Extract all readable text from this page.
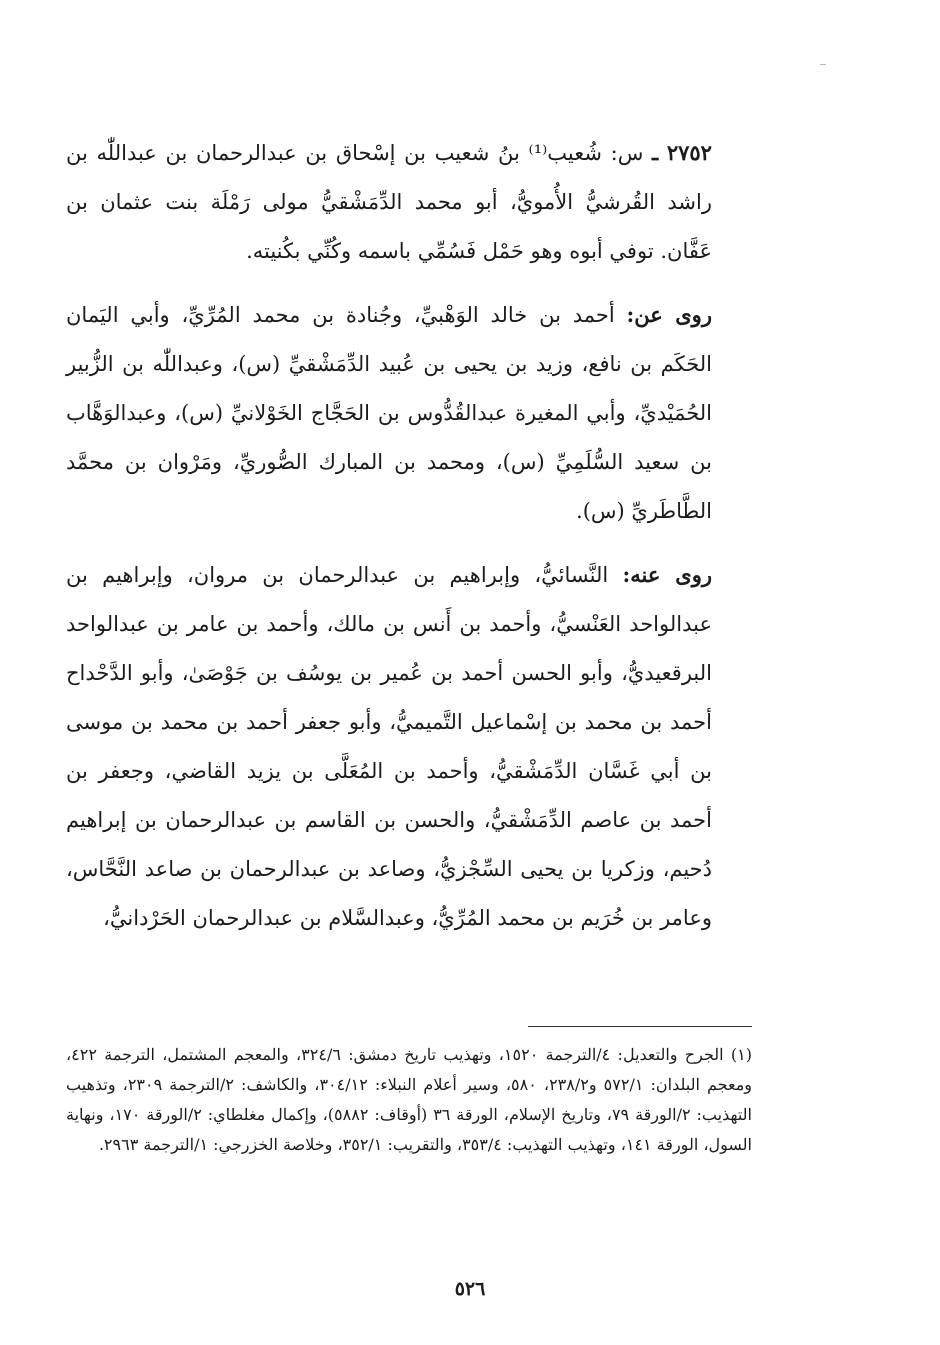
٢٧٥٢ ـ س: شُعيب⁽¹⁾ بنُ شعيب بن إسْحاق بن عبدالرحمان بن عبداللّٰه بن راشد القُرشيُّ الأُمويُّ، أبو محمد الدِّمَشْقيُّ مولى رَمْلَة بنت عثمان بن عَفَّان. توفي أبوه وهو حَمْل فَسُمِّي باسمه وكُنِّي بكُنيته.

روى عن: أحمد بن خالد الوَهْبيِّ، وجُنادة بن محمد المُرِّيِّ، وأبي اليَمان الحَكَم بن نافع، وزيد بن يحيى بن عُبيد الدِّمَشْقيِّ (س)، وعبداللّٰه بن الزُّبير الحُمَيْديِّ، وأبي المغيرة عبدالقُدُّوس بن الحَجَّاج الخَوْلانيِّ (س)، وعبدالوَهَّاب بن سعيد السُّلَمِيِّ (س)، ومحمد بن المبارك الصُّوريِّ، ومَرْوان بن محمَّد الطَّاطَريِّ (س).

روى عنه: النَّسائيُّ، وإبراهيم بن عبدالرحمان بن مروان، وإبراهيم بن عبدالواحد العَنْسيُّ، وأحمد بن أَنس بن مالك، وأحمد بن عامر بن عبدالواحد البرقعيديُّ، وأبو الحسن أحمد بن عُمير بن يوسُف بن جَوْصَىٰ، وأبو الدَّحْداح أحمد بن محمد بن إسْماعيل التَّميميُّ، وأبو جعفر أحمد بن محمد بن موسى بن أبي غَسَّان الدِّمَشْقيُّ، وأحمد بن المُعَلَّى بن يزيد القاضي، وجعفر بن أحمد بن عاصم الدِّمَشْقيُّ، والحسن بن القاسم بن عبدالرحمان بن إبراهيم دُحيم، وزكريا بن يحيى السِّجْزيُّ، وصاعد بن عبدالرحمان بن صاعد النَّحَّاس، وعامر بن خُرَيم بن محمد المُرِّيُّ، وعبدالسَّلام بن عبدالرحمان الحَرْدانيُّ،

(١) الجرح والتعديل: ٤/الترجمة ١٥٢٠، وتهذيب تاريخ دمشق: ٣٢٤/٦، والمعجم المشتمل، الترجمة ٤٢٢، ومعجم البلدان: ٥٧٢/١ و٢٣٨/٢، ٥٨٠، وسير أعلام النبلاء: ٣٠٤/١٢، والكاشف: ٢/الترجمة ٢٣٠٩، وتذهيب التهذيب: ٢/الورقة ٧٩، وتاريخ الإسلام، الورقة ٣٦ (أوقاف: ٥٨٨٢)، وإكمال مغلطاي: ٢/الورقة ١٧٠، ونهاية السول، الورقة ١٤١، وتهذيب التهذيب: ٣٥٣/٤، والتقريب: ٣٥٢/١، وخلاصة الخزرجي: ١/الترجمة ٢٩٦٣.

٥٢٦
